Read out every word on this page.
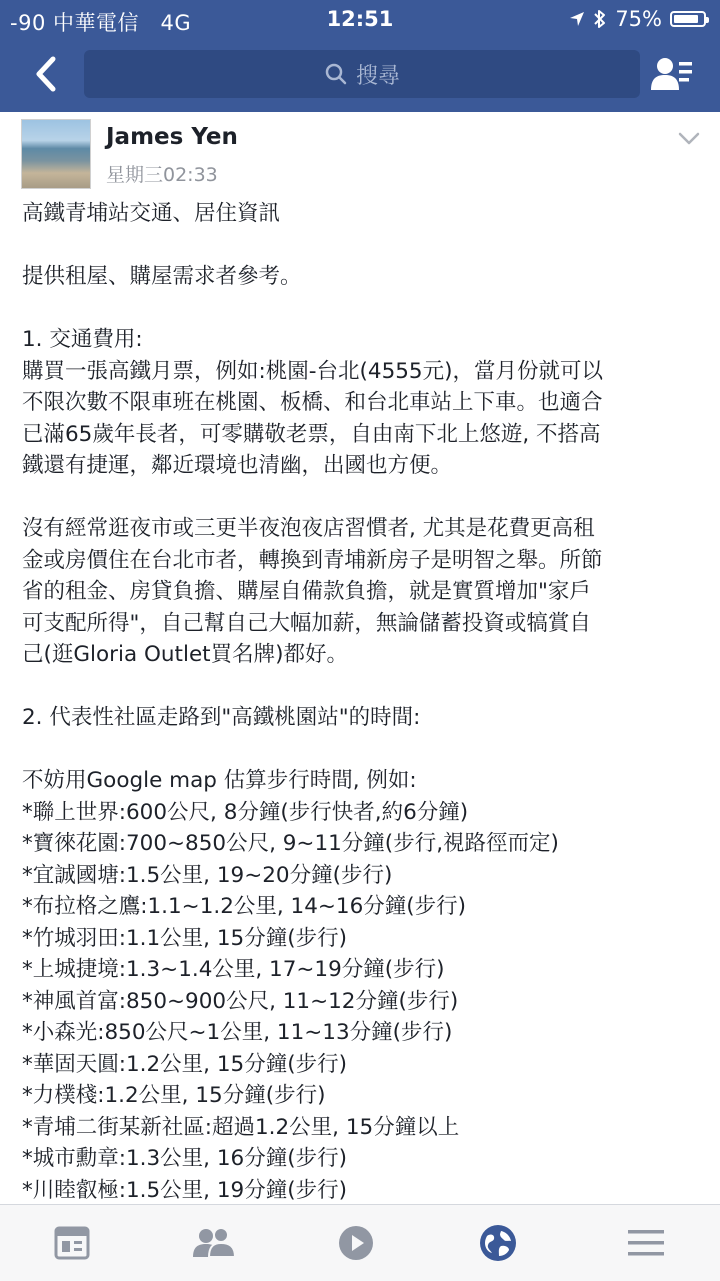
-90 中華電信 4G	12:51	75%
搜尋
James Yen
星期三02:33
高鐵青埔站交通、居住資訊
提供租屋、購屋需求者參考。
1. 交通費用:
購買一張高鐵月票，例如:桃園-台北(4555元)，當月份就可以
不限次數不限車班在桃園、板橋、和台北車站上下車。也適合
已滿65歲年長者，可零購敬老票，自由南下北上悠遊, 不搭高
鐵還有捷運，鄰近環境也清幽，出國也方便。
沒有經常逛夜市或三更半夜泡夜店習慣者, 尤其是花費更高租
金或房價住在台北市者，轉換到青埔新房子是明智之舉。所節
省的租金、房貸負擔、購屋自備款負擔，就是實質增加"家戶
可支配所得"，自己幫自己大幅加薪，無論儲蓄投資或犒賞自
己(逛Gloria Outlet買名牌)都好。
2. 代表性社區走路到"高鐵桃園站"的時間:
不妨用Google map 估算步行時間, 例如:
*聯上世界:600公尺, 8分鐘(步行快者,約6分鐘)
*寶徠花園:700~850公尺, 9~11分鐘(步行,視路徑而定)
*宜誠國塘:1.5公里, 19~20分鐘(步行)
*布拉格之鷹:1.1~1.2公里, 14~16分鐘(步行)
*竹城羽田:1.1公里, 15分鐘(步行)
*上城捷境:1.3~1.4公里, 17~19分鐘(步行)
*神風首富:850~900公尺, 11~12分鐘(步行)
*小森光:850公尺~1公里, 11~13分鐘(步行)
*華固天圓:1.2公里, 15分鐘(步行)
*力樸棧:1.2公里, 15分鐘(步行)
*青埔二街某新社區:超過1.2公里, 15分鐘以上
*城市勳章:1.3公里, 16分鐘(步行)
*川睦叡極:1.5公里, 19分鐘(步行)
